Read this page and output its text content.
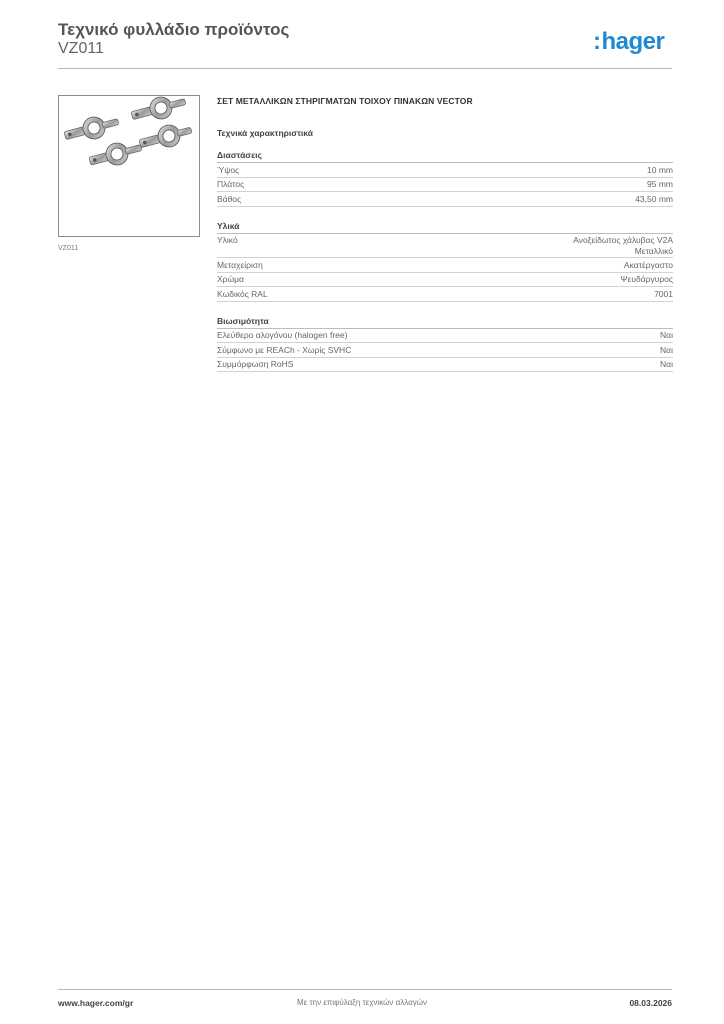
Τεχνικό φυλλάδιο προϊόντος
VZ011	:hager
VZ011
ΣΕΤ ΜΕΤΑΛΛΙΚΩΝ ΣΤΗΡΙΓΜΑΤΩΝ ΤΟΙΧΟΥ ΠΙΝΑΚΩΝ VECTOR
Τεχνικά χαρακτηριστικά
Διαστάσεις
Ύψος	10 mm
Πλάτος	95 mm
Βάθος	43,50 mm
Υλικά
Υλικό	Ανοξείδωτος χάλυβας V2A
Μεταλλικό
Μεταχείριση	Ακατέργαστο
Χρώμα	Ψευδάργυρος
Κωδικός RAL	7001
Βιωσιμότητα
Ελεύθερο αλογόνου (halogen free)	Ναι
Σύμφωνο με REACh - Χωρίς SVHC	Ναι
Συμμόρφωση RoHS	Ναι
www.hager.com/gr	Με την επιφύλαξη τεχνικών αλλαγών	08.03.2026
